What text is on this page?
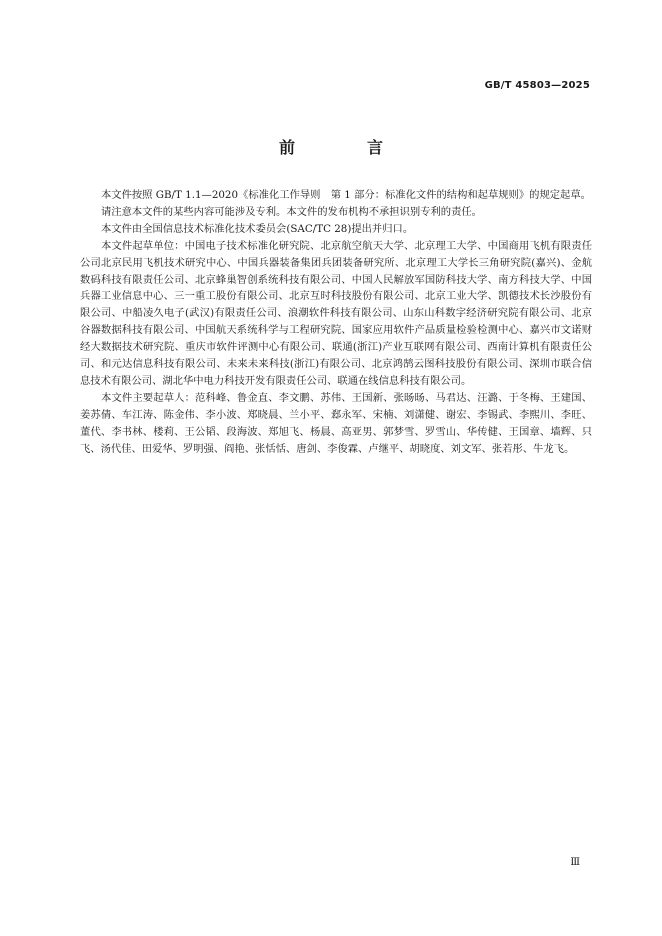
GB/T 45803—2025
前　言

本文件按照 GB/T 1.1—2020《标准化工作导则　第 1 部分：标准化文件的结构和起草规则》的规定起草。

请注意本文件的某些内容可能涉及专利。本文件的发布机构不承担识别专利的责任。

本文件由全国信息技术标准化技术委员会(SAC/TC 28)提出并归口。

本文件起草单位：中国电子技术标准化研究院、北京航空航天大学、北京理工大学、中国商用飞机有限责任公司北京民用飞机技术研究中心、中国兵器装备集团兵团装备研究所、北京理工大学长三角研究院(嘉兴)、金航数码科技有限责任公司、北京蜂巢智创系统科技有限公司、中国人民解放军国防科技大学、南方科技大学、中国兵器工业信息中心、三一重工股份有限公司、北京互时科技股份有限公司、北京工业大学、凯德技术长沙股份有限公司、中船凌久电子(武汉)有限责任公司、浪潮软件科技有限公司、山东山科数字经济研究院有限公司、北京谷器数据科技有限公司、中国航天系统科学与工程研究院、国家应用软件产品质量检验检测中心、嘉兴市文诺财经大数据技术研究院、重庆市软件评测中心有限公司、联通(浙江)产业互联网有限公司、西南计算机有限责任公司、和元达信息科技有限公司、未来未来科技(浙江)有限公司、北京鸿鹄云图科技股份有限公司、深圳市联合信息技术有限公司、湖北华中电力科技开发有限责任公司、联通在线信息科技有限公司。

本文件主要起草人：范科峰、鲁金直、李文鹏、苏伟、王国新、张旸旸、马君达、汪潞、于冬梅、王建国、姜苏倩、车江涛、陈金伟、李小波、郑晓晨、兰小平、郄永军、宋楠、刘潇健、谢宏、李锡武、李熙川、李旺、董代、李书林、楼莉、王公韬、段海波、郑旭飞、杨晨、高亚男、郭梦雪、罗雪山、华传健、王国章、墙辉、只飞、汤代佳、田爱华、罗明强、阎艳、张恬恬、唐剑、李俊霖、卢继平、胡晓度、刘文军、张若彤、牛龙飞。

Ⅲ
